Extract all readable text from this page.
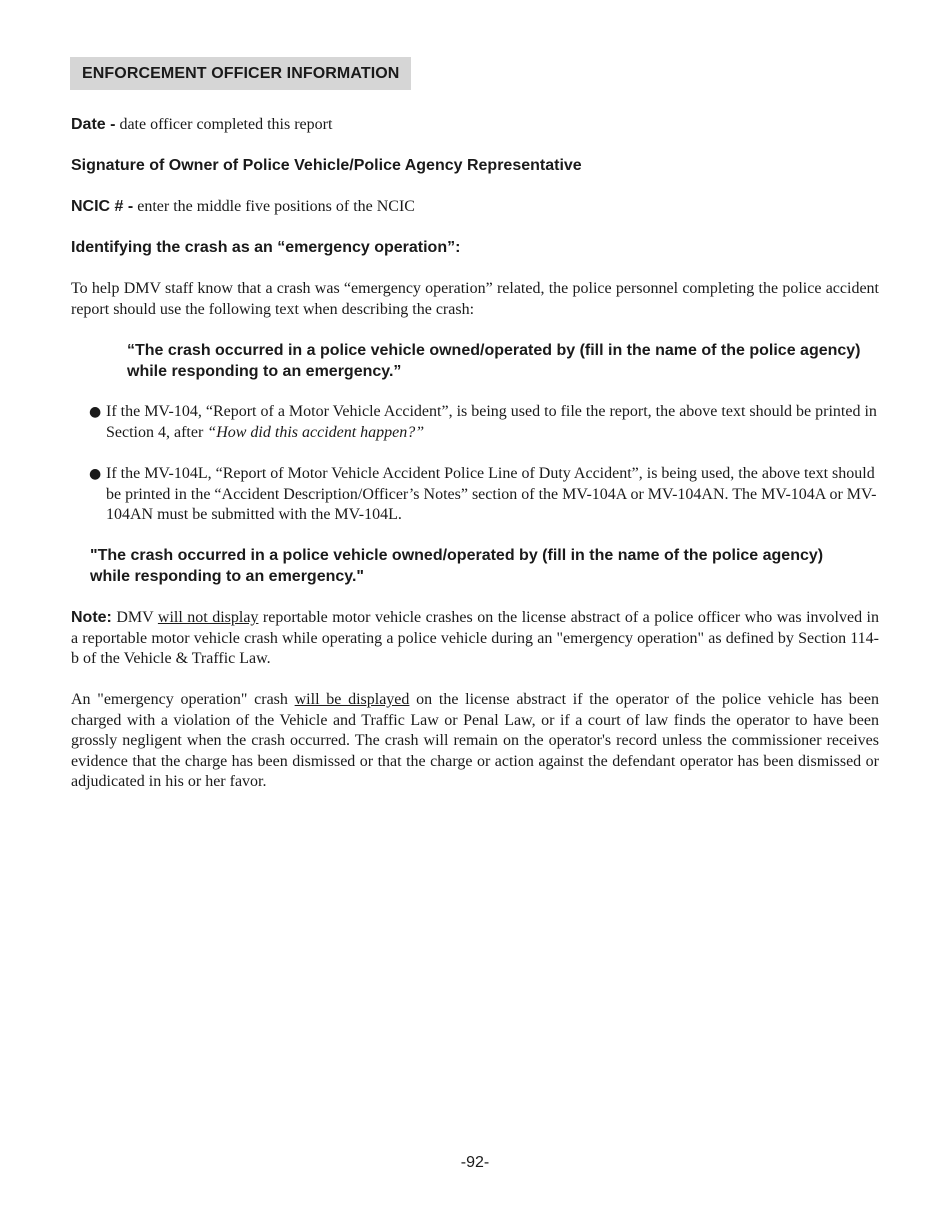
ENFORCEMENT OFFICER INFORMATION
Date - date officer completed this report
Signature of Owner of Police Vehicle/Police Agency Representative
NCIC # - enter the middle five positions of the NCIC
Identifying the crash as an “emergency operation”:
To help DMV staff know that a crash was “emergency operation” related, the police personnel completing the police accident report should use the following text when describing the crash:
“The crash occurred in a police vehicle owned/operated by (fill in the name of the police agency) while responding to an emergency.”
● If the MV-104, “Report of a Motor Vehicle Accident”, is being used to file the report, the above text should be printed in Section 4, after “How did this accident happen?”
● If the MV-104L, “Report of Motor Vehicle Accident Police Line of Duty Accident”, is being used, the above text should be printed in the “Accident Description/Officer’s Notes” section of the MV-104A or MV-104AN. The MV-104A or MV-104AN must be submitted with the MV-104L.
"The crash occurred in a police vehicle owned/operated by (fill in the name of the police agency) while responding to an emergency."
Note: DMV will not display reportable motor vehicle crashes on the license abstract of a police officer who was involved in a reportable motor vehicle crash while operating a police vehicle during an "emergency operation" as defined by Section 114-b of the Vehicle & Traffic Law.
An "emergency operation" crash will be displayed on the license abstract if the operator of the police vehicle has been charged with a violation of the Vehicle and Traffic Law or Penal Law, or if a court of law finds the operator to have been grossly negligent when the crash occurred. The crash will remain on the operator's record unless the commissioner receives evidence that the charge has been dismissed or that the charge or action against the defendant operator has been dismissed or adjudicated in his or her favor.
-92-
